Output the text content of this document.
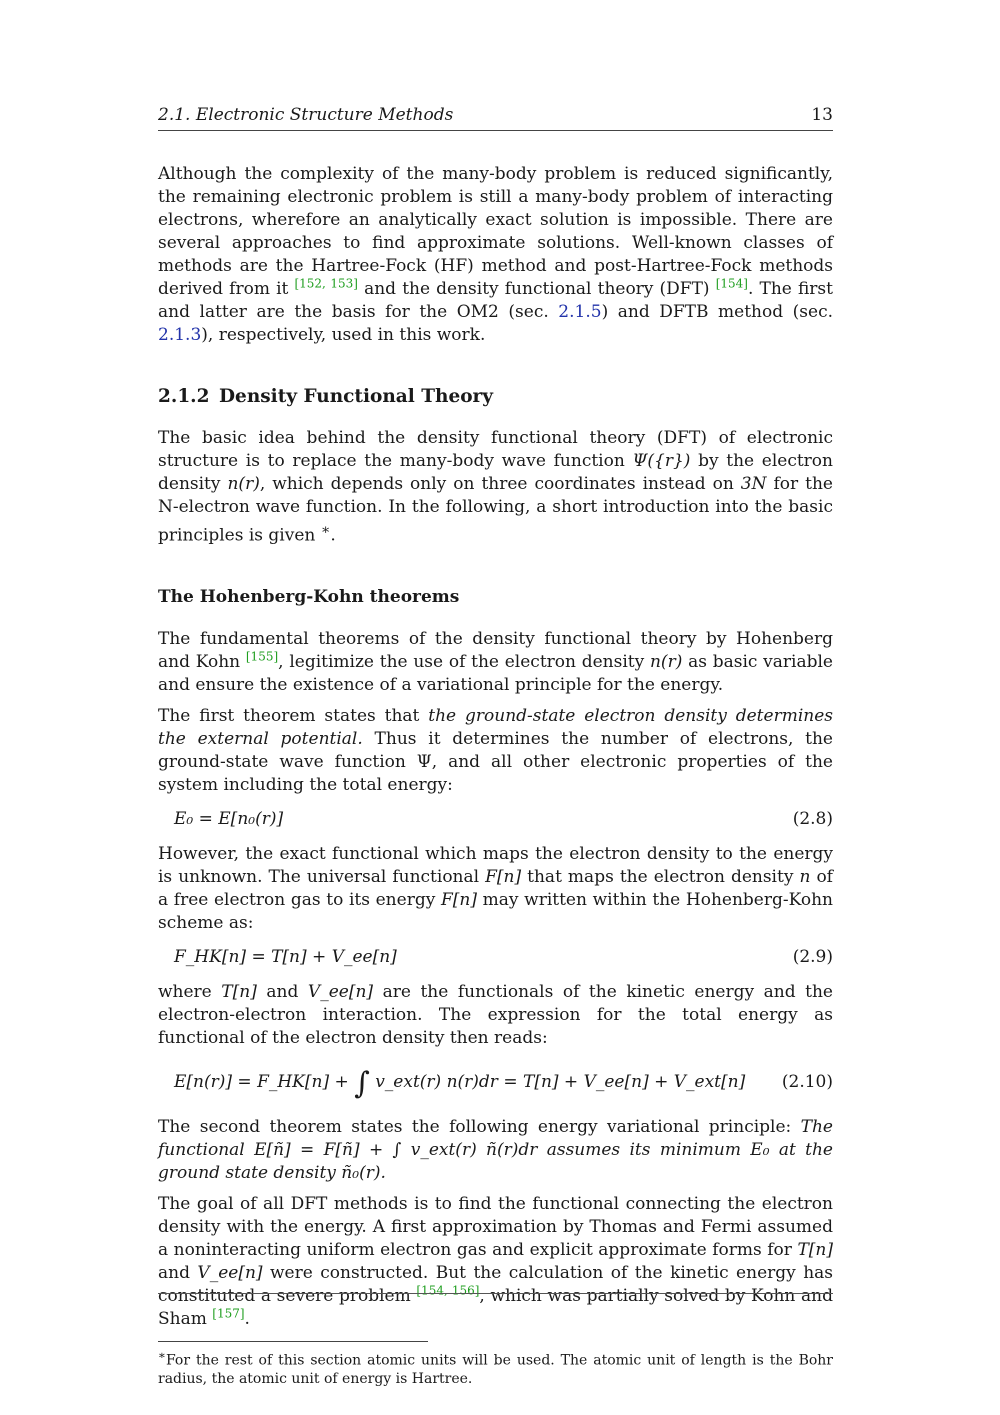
2.1. Electronic Structure Methods	13

Although the complexity of the many-body problem is reduced significantly, the remaining electronic problem is still a many-body problem of interacting electrons, wherefore an analytically exact solution is impossible. There are several approaches to find approximate solutions. Well-known classes of methods are the Hartree-Fock (HF) method and post-Hartree-Fock methods derived from it [152, 153] and the density functional theory (DFT) [154]. The first and latter are the basis for the OM2 (sec. 2.1.5) and DFTB method (sec. 2.1.3), respectively, used in this work.

2.1.2 Density Functional Theory

The basic idea behind the density functional theory (DFT) of electronic structure is to replace the many-body wave function Ψ({r}) by the electron density n(r), which depends only on three coordinates instead on 3N for the N-electron wave function. In the following, a short introduction into the basic principles is given ∗.

The Hohenberg-Kohn theorems

The fundamental theorems of the density functional theory by Hohenberg and Kohn [155], legitimize the use of the electron density n(r) as basic variable and ensure the existence of a variational principle for the energy.

The first theorem states that the ground-state electron density determines the external potential. Thus it determines the number of electrons, the ground-state wave function Ψ, and all other electronic properties of the system including the total energy:

E₀ = E[n₀(r)]	(2.8)

However, the exact functional which maps the electron density to the energy is unknown. The universal functional F[n] that maps the electron density n of a free electron gas to its energy F[n] may written within the Hohenberg-Kohn scheme as:

F_HK[n] = T[n] + V_ee[n]	(2.9)

where T[n] and V_ee[n] are the functionals of the kinetic energy and the electron-electron interaction. The expression for the total energy as functional of the electron density then reads:

E[n(r)] = F_HK[n] + ∫ v_ext(r) n(r)dr = T[n] + V_ee[n] + V_ext[n] (2.10)

The second theorem states the following energy variational principle: The functional E[ñ] = F[ñ] + ∫ v_ext(r) ñ(r)dr assumes its minimum E₀ at the ground state density ñ₀(r).

The goal of all DFT methods is to find the functional connecting the electron density with the energy. A first approximation by Thomas and Fermi assumed a noninteracting uniform electron gas and explicit approximate forms for T[n] and V_ee[n] were constructed. But the calculation of the kinetic energy has constituted a severe problem [154, 156], which was partially solved by Kohn and Sham [157].

∗For the rest of this section atomic units will be used. The atomic unit of length is the Bohr radius, the atomic unit of energy is Hartree.
